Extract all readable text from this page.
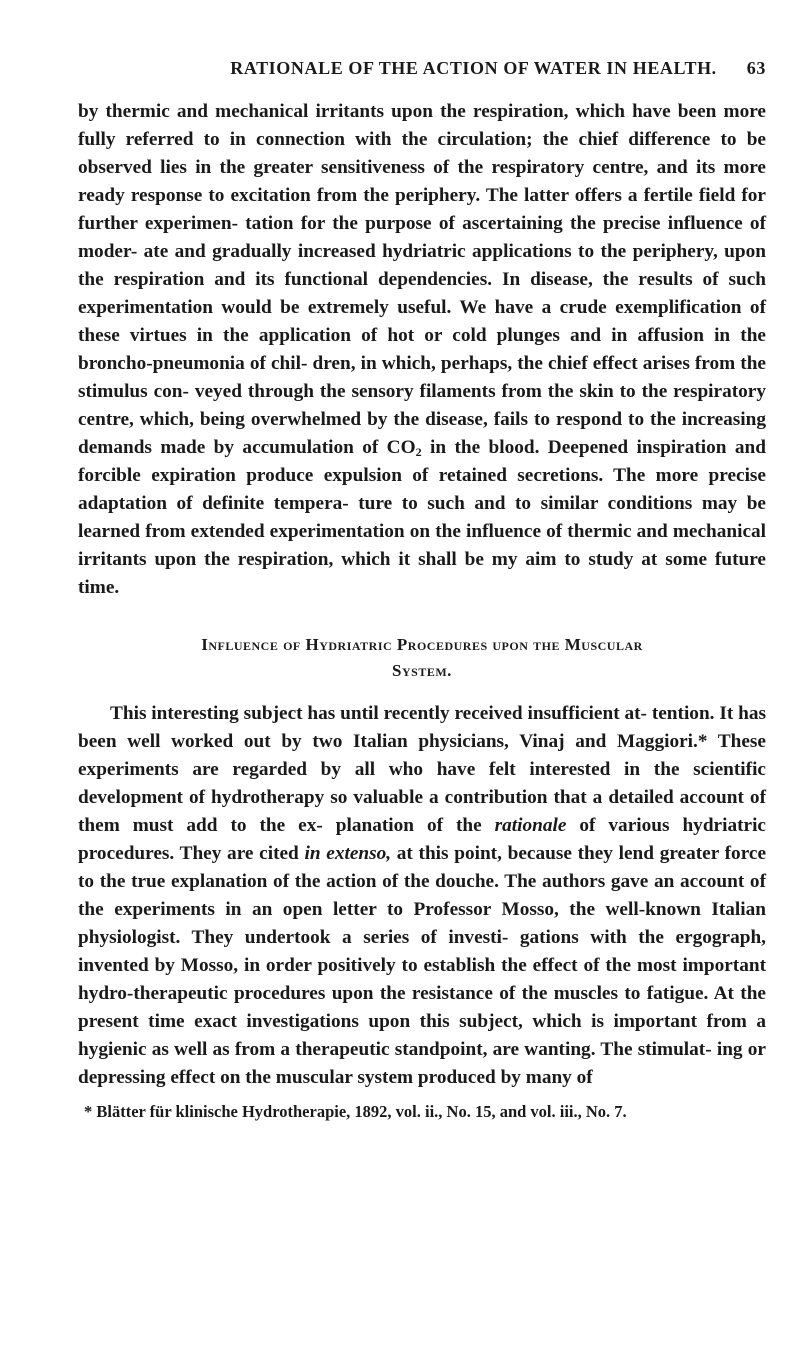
RATIONALE OF THE ACTION OF WATER IN HEALTH. 63

by thermic and mechanical irritants upon the respiration, which have been more fully referred to in connection with the circulation; the chief difference to be observed lies in the greater sensitiveness of the respiratory centre, and its more ready response to excitation from the periphery. The latter offers a fertile field for further experimen- tation for the purpose of ascertaining the precise influence of moder- ate and gradually increased hydriatric applications to the periphery, upon the respiration and its functional dependencies. In disease, the results of such experimentation would be extremely useful. We have a crude exemplification of these virtues in the application of hot or cold plunges and in affusion in the broncho-pneumonia of chil- dren, in which, perhaps, the chief effect arises from the stimulus con- veyed through the sensory filaments from the skin to the respiratory centre, which, being overwhelmed by the disease, fails to respond to the increasing demands made by accumulation of $CO_2$ in the blood. Deepened inspiration and forcible expiration produce expulsion of retained secretions. The more precise adaptation of definite tempera- ture to such and to similar conditions may be learned from extended experimentation on the influence of thermic and mechanical irritants upon the respiration, which it shall be my aim to study at some future time.

Influence of Hydriatric Procedures upon the Muscular
System.

This interesting subject has until recently received insufficient at- tention. It has been well worked out by two Italian physicians, Vinaj and Maggiori.* These experiments are regarded by all who have felt interested in the scientific development of hydrotherapy so valuable a contribution that a detailed account of them must add to the ex- planation of the rationale of various hydriatric procedures. They are cited in extenso, at this point, because they lend greater force to the true explanation of the action of the douche. The authors gave an account of the experiments in an open letter to Professor Mosso, the well-known Italian physiologist. They undertook a series of investi- gations with the ergograph, invented by Mosso, in order positively to establish the effect of the most important hydro-therapeutic procedures upon the resistance of the muscles to fatigue. At the present time exact investigations upon this subject, which is important from a hygienic as well as from a therapeutic standpoint, are wanting. The stimulat- ing or depressing effect on the muscular system produced by many of

* Blätter für klinische Hydrotherapie, 1892, vol. ii., No. 15, and vol. iii., No. 7.
